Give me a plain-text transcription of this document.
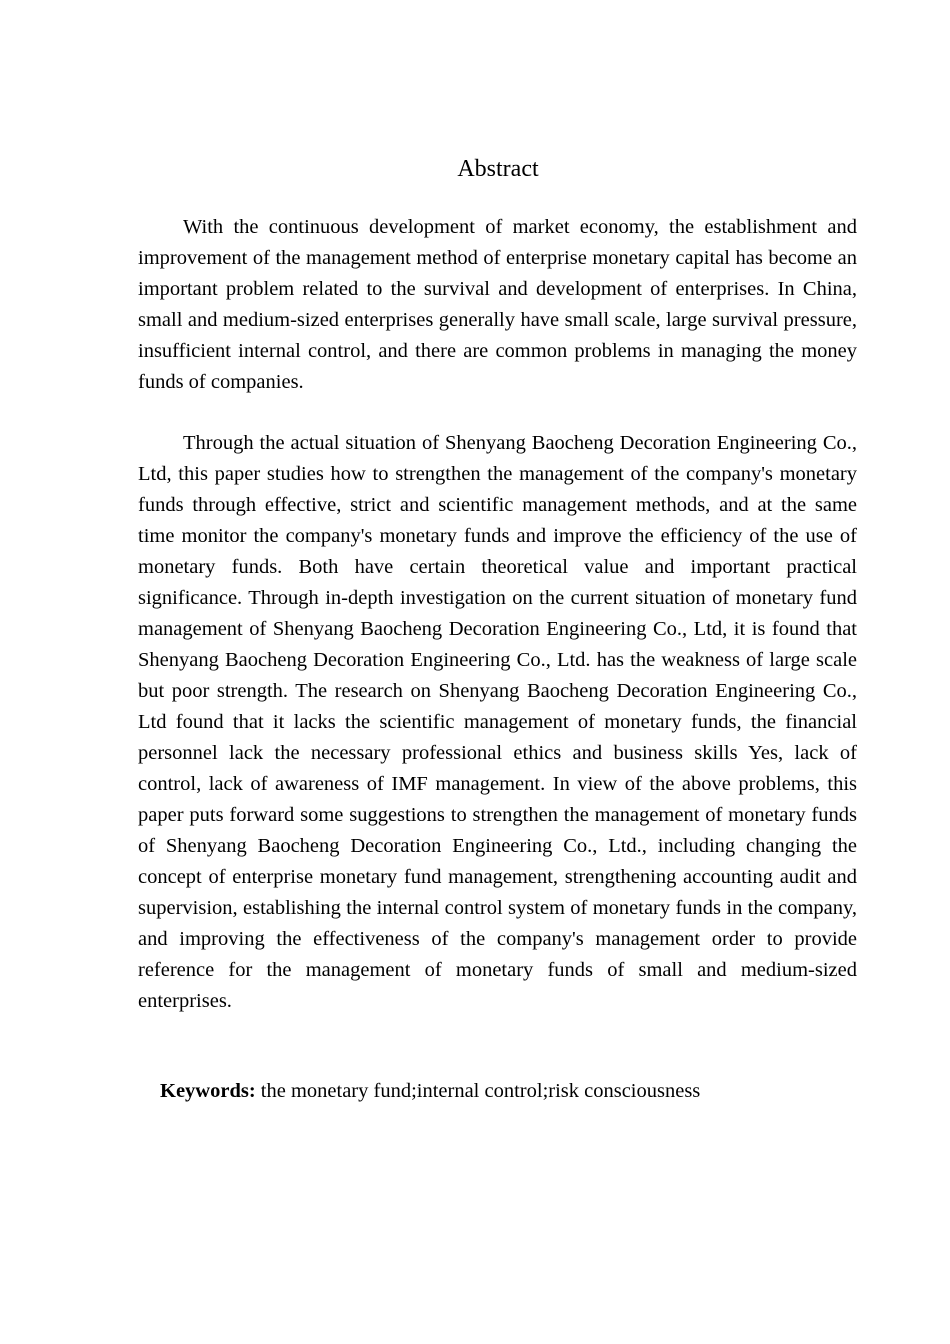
Abstract

With the continuous development of market economy, the establishment and improvement of the management method of enterprise monetary capital has become an important problem related to the survival and development of enterprises. In China, small and medium-sized enterprises generally have small scale, large survival pressure, insufficient internal control, and there are common problems in managing the money funds of companies.

Through the actual situation of Shenyang Baocheng Decoration Engineering Co., Ltd, this paper studies how to strengthen the management of the company's monetary funds through effective, strict and scientific management methods, and at the same time monitor the company's monetary funds and improve the efficiency of the use of monetary funds. Both have certain theoretical value and important practical significance. Through in-depth investigation on the current situation of monetary fund management of Shenyang Baocheng Decoration Engineering Co., Ltd, it is found that Shenyang Baocheng Decoration Engineering Co., Ltd. has the weakness of large scale but poor strength. The research on Shenyang Baocheng Decoration Engineering Co., Ltd found that it lacks the scientific management of monetary funds, the financial personnel lack the necessary professional ethics and business skills Yes, lack of control, lack of awareness of IMF management. In view of the above problems, this paper puts forward some suggestions to strengthen the management of monetary funds of Shenyang Baocheng Decoration Engineering Co., Ltd., including changing the concept of enterprise monetary fund management, strengthening accounting audit and supervision, establishing the internal control system of monetary funds in the company, and improving the effectiveness of the company's management order to provide reference for the management of monetary funds of small and medium-sized enterprises.

Keywords: the monetary fund;internal control;risk consciousness
